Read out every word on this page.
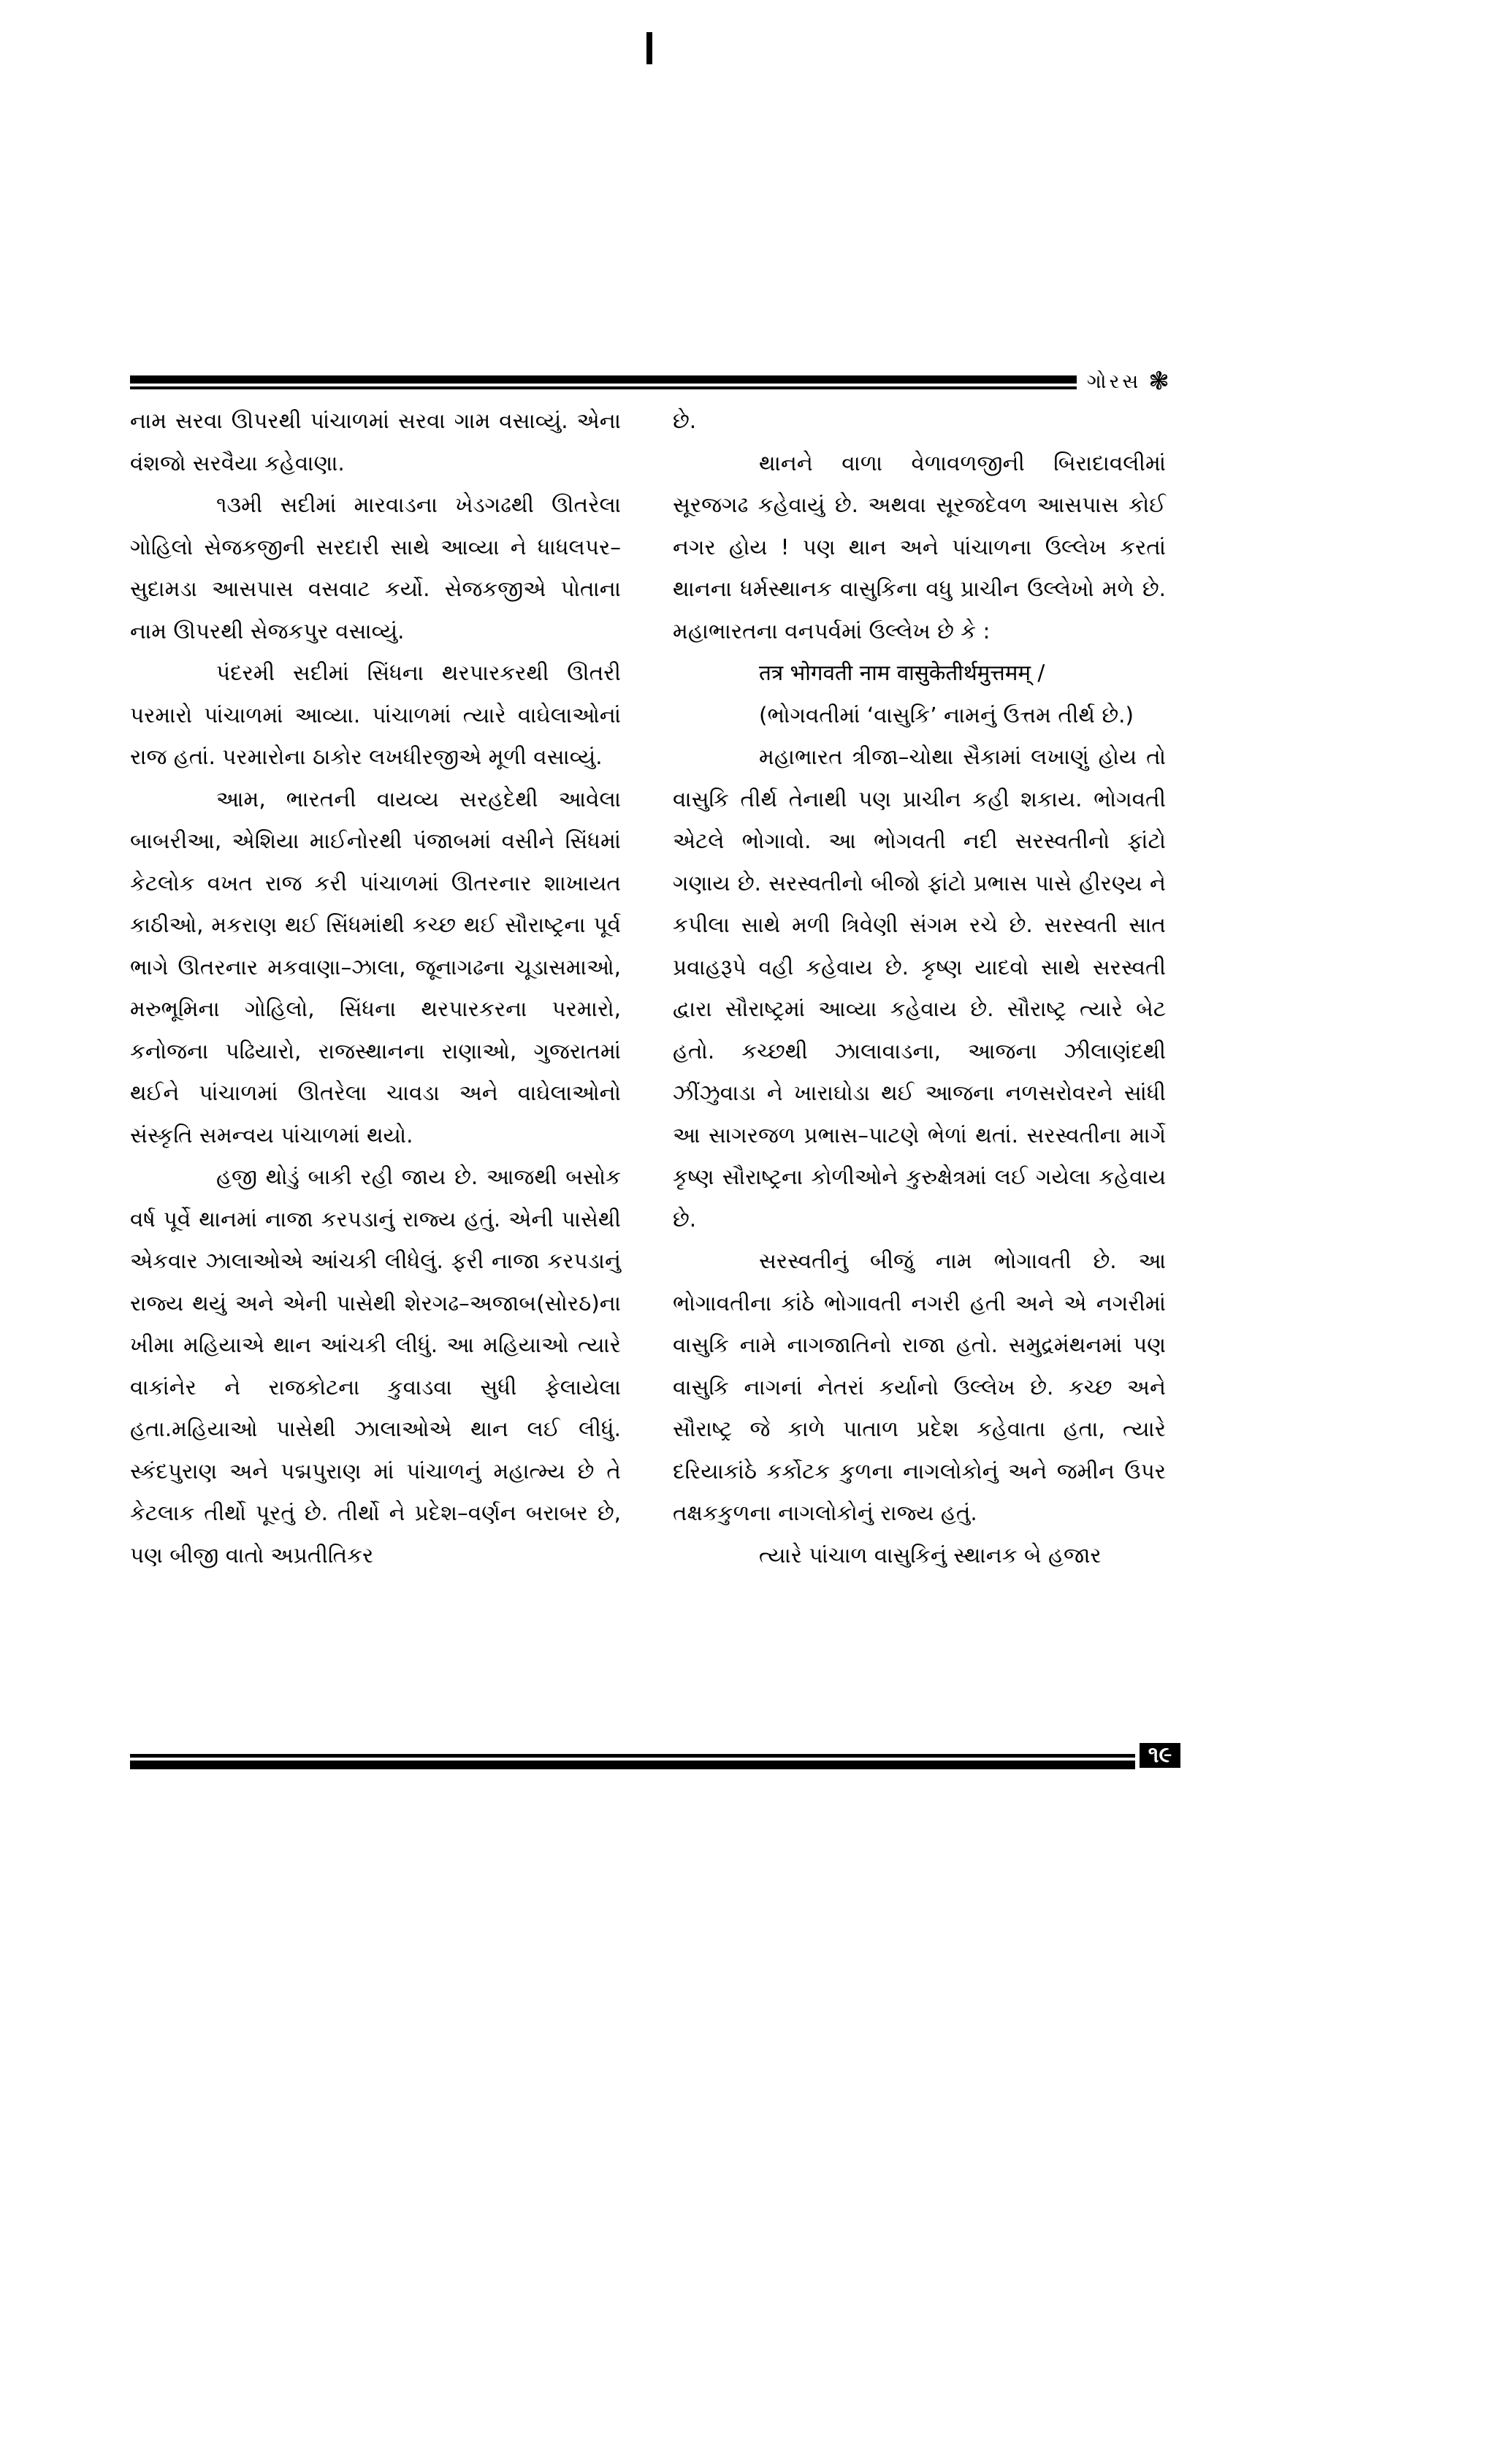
ગોરસ ❃

નામ સરવા ઊપરથી પાંચાળમાં સરવા ગામ વસાવ્યું. એના વંશજો સરવૈયા કહેવાણા.

૧૩મી સદીમાં મારવાડના ખેડગઢથી ઊતરેલા ગોહિલો સેજકજીની સરદારી સાથે આવ્યા ને ધાધલપર–સુદામડા આસપાસ વસવાટ કર્યો. સેજકજીએ પોતાના નામ ઊપરથી સેજકપુર વસાવ્યું.

પંદરમી સદીમાં સિંધના થરપારકરથી ઊતરી પરમારો પાંચાળમાં આવ્યા. પાંચાળમાં ત્યારે વાઘેલાઓનાં રાજ હતાં. પરમારોના ઠાકોર લખધીરજીએ મૂળી વસાવ્યું.

આમ, ભારતની વાયવ્ય સરહદેથી આવેલા બાબરીઆ, એશિયા માઈનોરથી પંજાબમાં વસીને સિંધમાં કેટલોક વખત રાજ કરી પાંચાળમાં ઊતરનાર શાખાયત કાઠીઓ, મકરાણ થઈ સિંધમાંથી કચ્છ થઈ સૌરાષ્ટ્રના પૂર્વ ભાગે ઊતરનાર મકવાણા–ઝાલા, જૂનાગઢના ચૂડાસમાઓ, મરુભૂમિના ગોહિલો, સિંધના થરપારકરના પરમારો, કનોજના પઢિયારો, રાજસ્થાનના રાણાઓ, ગુજરાતમાં થઈને પાંચાળમાં ઊતરેલા ચાવડા અને વાઘેલાઓનો સંસ્કૃતિ સમન્વય પાંચાળમાં થયો.

હજી થોડું બાકી રહી જાય છે. આજથી બસોક વર્ષ પૂર્વે થાનમાં નાજા કરપડાનું રાજ્ય હતું. એની પાસેથી એકવાર ઝાલાઓએ આંચકી લીધેલું. ફરી નાજા કરપડાનું રાજ્ય થયું અને એની પાસેથી શેરગઢ–અજાબ(સોરઠ)ના ખીમા મહિયાએ થાન આંચકી લીધું. આ મહિયાઓ ત્યારે વાકાંનેર ને રાજકોટના કુવાડવા સુધી ફેલાયેલા હતા.મહિયાઓ પાસેથી ઝાલાઓએ થાન લઈ લીધું. સ્કંદપુરાણ અને પદ્મપુરાણ માં પાંચાળનું મહાત્મ્ય છે તે કેટલાક તીર્થો પૂરતું છે. તીર્થો ને પ્રદેશ–વર્ણન બરાબર છે, પણ બીજી વાતો અપ્રતીતિકર

છે.

થાનને વાળા વેળાવળજીની બિરાદાવલીમાં સૂરજગઢ કહેવાયું છે. અથવા સૂરજદેવળ આસપાસ કોઈ નગર હોય ! પણ થાન અને પાંચાળના ઉલ્લેખ કરતાં થાનના ધર્મસ્થાનક વાસુકિના વધુ પ્રાચીન ઉલ્લેખો મળે છે. મહાભારતના વનપર્વમાં ઉલ્લેખ છે કે :

तत्र भोगवती नाम वासुकेतीर्थमुत्तमम् /

(ભોગવતીમાં ‘વાસુકિ’ નામનું ઉત્તમ તીર્થ છે.)

મહાભારત ત્રીજા–ચોથા સૈકામાં લખાણું હોય તો વાસુકિ તીર્થ તેનાથી પણ પ્રાચીન કહી શકાય. ભોગવતી એટલે ભોગાવો. આ ભોગવતી નદી સરસ્વતીનો ફાંટો ગણાય છે. સરસ્વતીનો બીજો ફાંટો પ્રભાસ પાસે હીરણ્ય ને કપીલા સાથે મળી ત્રિવેણી સંગમ રચે છે. સરસ્વતી સાત પ્રવાહરૂપે વહી કહેવાય છે. કૃષ્ણ યાદવો સાથે સરસ્વતી દ્વારા સૌરાષ્ટ્રમાં આવ્યા કહેવાય છે. સૌરાષ્ટ્ર ત્યારે બેટ હતો. કચ્છથી ઝાલાવાડના, આજના ઝીલાણંદથી ઝીંઝુવાડા ને ખારાઘોડા થઈ આજના નળસરોવરને સાંધી આ સાગરજળ પ્રભાસ–પાટણે ભેળાં થતાં. સરસ્વતીના માર્ગે કૃષ્ણ સૌરાષ્ટ્રના કોળીઓને કુરુક્ષેત્રમાં લઈ ગયેલા કહેવાય છે.

સરસ્વતીનું બીજું નામ ભોગાવતી છે. આ ભોગાવતીના કાંઠે ભોગાવતી નગરી હતી અને એ નગરીમાં વાસુકિ નામે નાગજાતિનો રાજા હતો. સમુદ્રમંથનમાં પણ વાસુકિ નાગનાં નેતરાં કર્યાનો ઉલ્લેખ છે. કચ્છ અને સૌરાષ્ટ્ર જે કાળે પાતાળ પ્રદેશ કહેવાતા હતા, ત્યારે દરિયાકાંઠે કર્કોટક કુળના નાગલોકોનું અને જમીન ઉપર તક્ષકકુળના નાગલોકોનું રાજ્ય હતું.

ત્યારે પાંચાળ વાસુકિનું સ્થાનક બે હજાર

૧૯
